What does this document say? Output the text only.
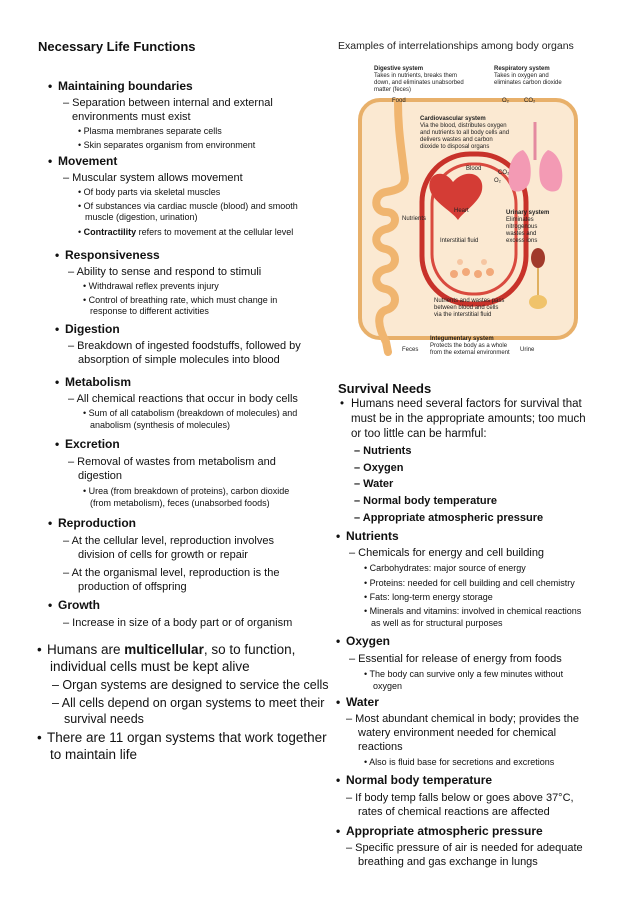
Necessary Life Functions
• Maintaining boundaries
– Separation between internal and external
environments must exist
• Plasma membranes separate cells
• Skin separates organism from environment
• Movement
– Muscular system allows movement
• Of body parts via skeletal muscles
• Of substances via cardiac muscle (blood) and smooth
muscle (digestion, urination)
• Contractility refers to movement at the cellular level
• Responsiveness
– Ability to sense and respond to stimuli
• Withdrawal reflex prevents injury
• Control of breathing rate, which must change in
response to different activities
• Digestion
– Breakdown of ingested foodstuffs, followed by
absorption of simple molecules into blood
• Metabolism
– All chemical reactions that occur in body cells
• Sum of all catabolism (breakdown of molecules) and
anabolism (synthesis of molecules)
• Excretion
– Removal of wastes from metabolism and
digestion
• Urea (from breakdown of proteins), carbon dioxide
(from metabolism), feces (unabsorbed foods)
• Reproduction
– At the cellular level, reproduction involves
division of cells for growth or repair
– At the organismal level, reproduction is the
production of offspring
• Growth
– Increase in size of a body part or of organism
• Humans are multicellular, so to function,
individual cells must be kept alive
– Organ systems are designed to service the cells
– All cells depend on organ systems to meet their
survival needs
• There are 11 organ systems that work together
to maintain life
Examples of interrelationships among body organs
Digestive system
Takes in nutrients, breaks them
down, and eliminates unabsorbed
matter (feces)
Respiratory system
Takes in oxygen and
eliminates carbon dioxide
Food	O₂	CO₂
Cardiovascular system
Via the blood, distributes oxygen
and nutrients to all body cells and
delivers wastes and carbon
dioxide to disposal organs
Blood
CO₂
O₂
Heart
Nutrients
Interstitial fluid
Urinary system
Eliminates
nitrogenous
wastes and
excess ions
Nutrients and wastes pass
between blood and cells
via the interstitial fluid
Integumentary system
Protects the body as a whole
from the external environment
Feces	Urine
Survival Needs
• Humans need several factors for survival that
must be in the appropriate amounts; too much
or too little can be harmful:
– Nutrients
– Oxygen
– Water
– Normal body temperature
– Appropriate atmospheric pressure
• Nutrients
– Chemicals for energy and cell building
• Carbohydrates: major source of energy
• Proteins: needed for cell building and cell chemistry
• Fats: long-term energy storage
• Minerals and vitamins: involved in chemical reactions
as well as for structural purposes
• Oxygen
– Essential for release of energy from foods
• The body can survive only a few minutes without
oxygen
• Water
– Most abundant chemical in body; provides the
watery environment needed for chemical
reactions
• Also is fluid base for secretions and excretions
• Normal body temperature
– If body temp falls below or goes above 37°C,
rates of chemical reactions are affected
• Appropriate atmospheric pressure
– Specific pressure of air is needed for adequate
breathing and gas exchange in lungs
